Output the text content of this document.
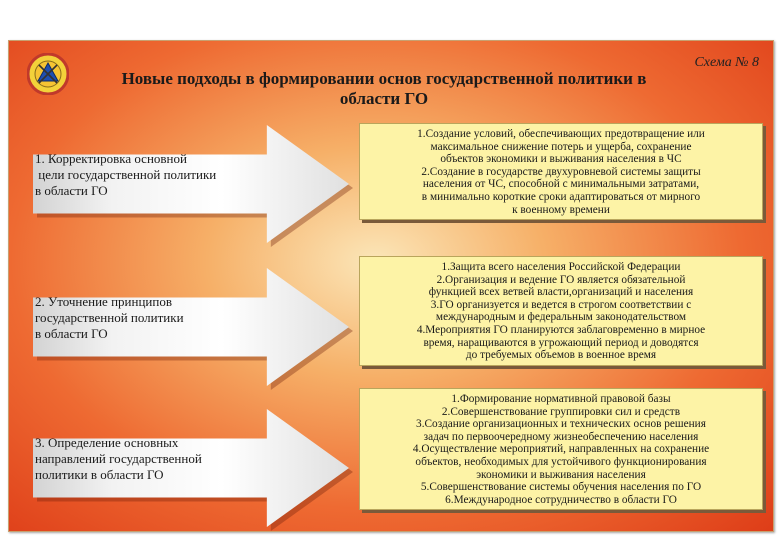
Схема № 8
Новые подходы в формировании основ государственной политики в
области ГО
1. Корректировка основной
цели государственной политики
в области ГО
1.Создание условий, обеспечивающих предотвращение или
максимальное снижение потерь и ущерба, сохранение
объектов экономики и выживания населения в ЧС
2.Создание в государстве двухуровневой системы защиты
населения от ЧС, способной с минимальными затратами,
в минимально короткие сроки адаптироваться от мирного
к военному времени
2. Уточнение принципов
государственной политики
в области ГО
1.Защита всего населения Российской Федерации
2.Организация и ведение ГО является обязательной
функцией всех ветвей власти,организаций и населения
3.ГО организуется и ведется в строгом соответствии с
международным и федеральным законодательством
4.Мероприятия ГО планируются заблаговременно в мирное
время, наращиваются в угрожающий период и доводятся
до требуемых объемов в военное время
3. Определение основных
направлений государственной
политики в области ГО
1.Формирование нормативной правовой базы
2.Совершенствование группировки сил и средств
3.Создание организационных и технических основ решения
задач по первоочередному жизнеобеспечению населения
4.Осуществление мероприятий, направленных на сохранение
объектов, необходимых для устойчивого функционирования
экономики и выживания населения
5.Совершенствование системы обучения населения по ГО
6.Международное сотрудничество в области ГО
